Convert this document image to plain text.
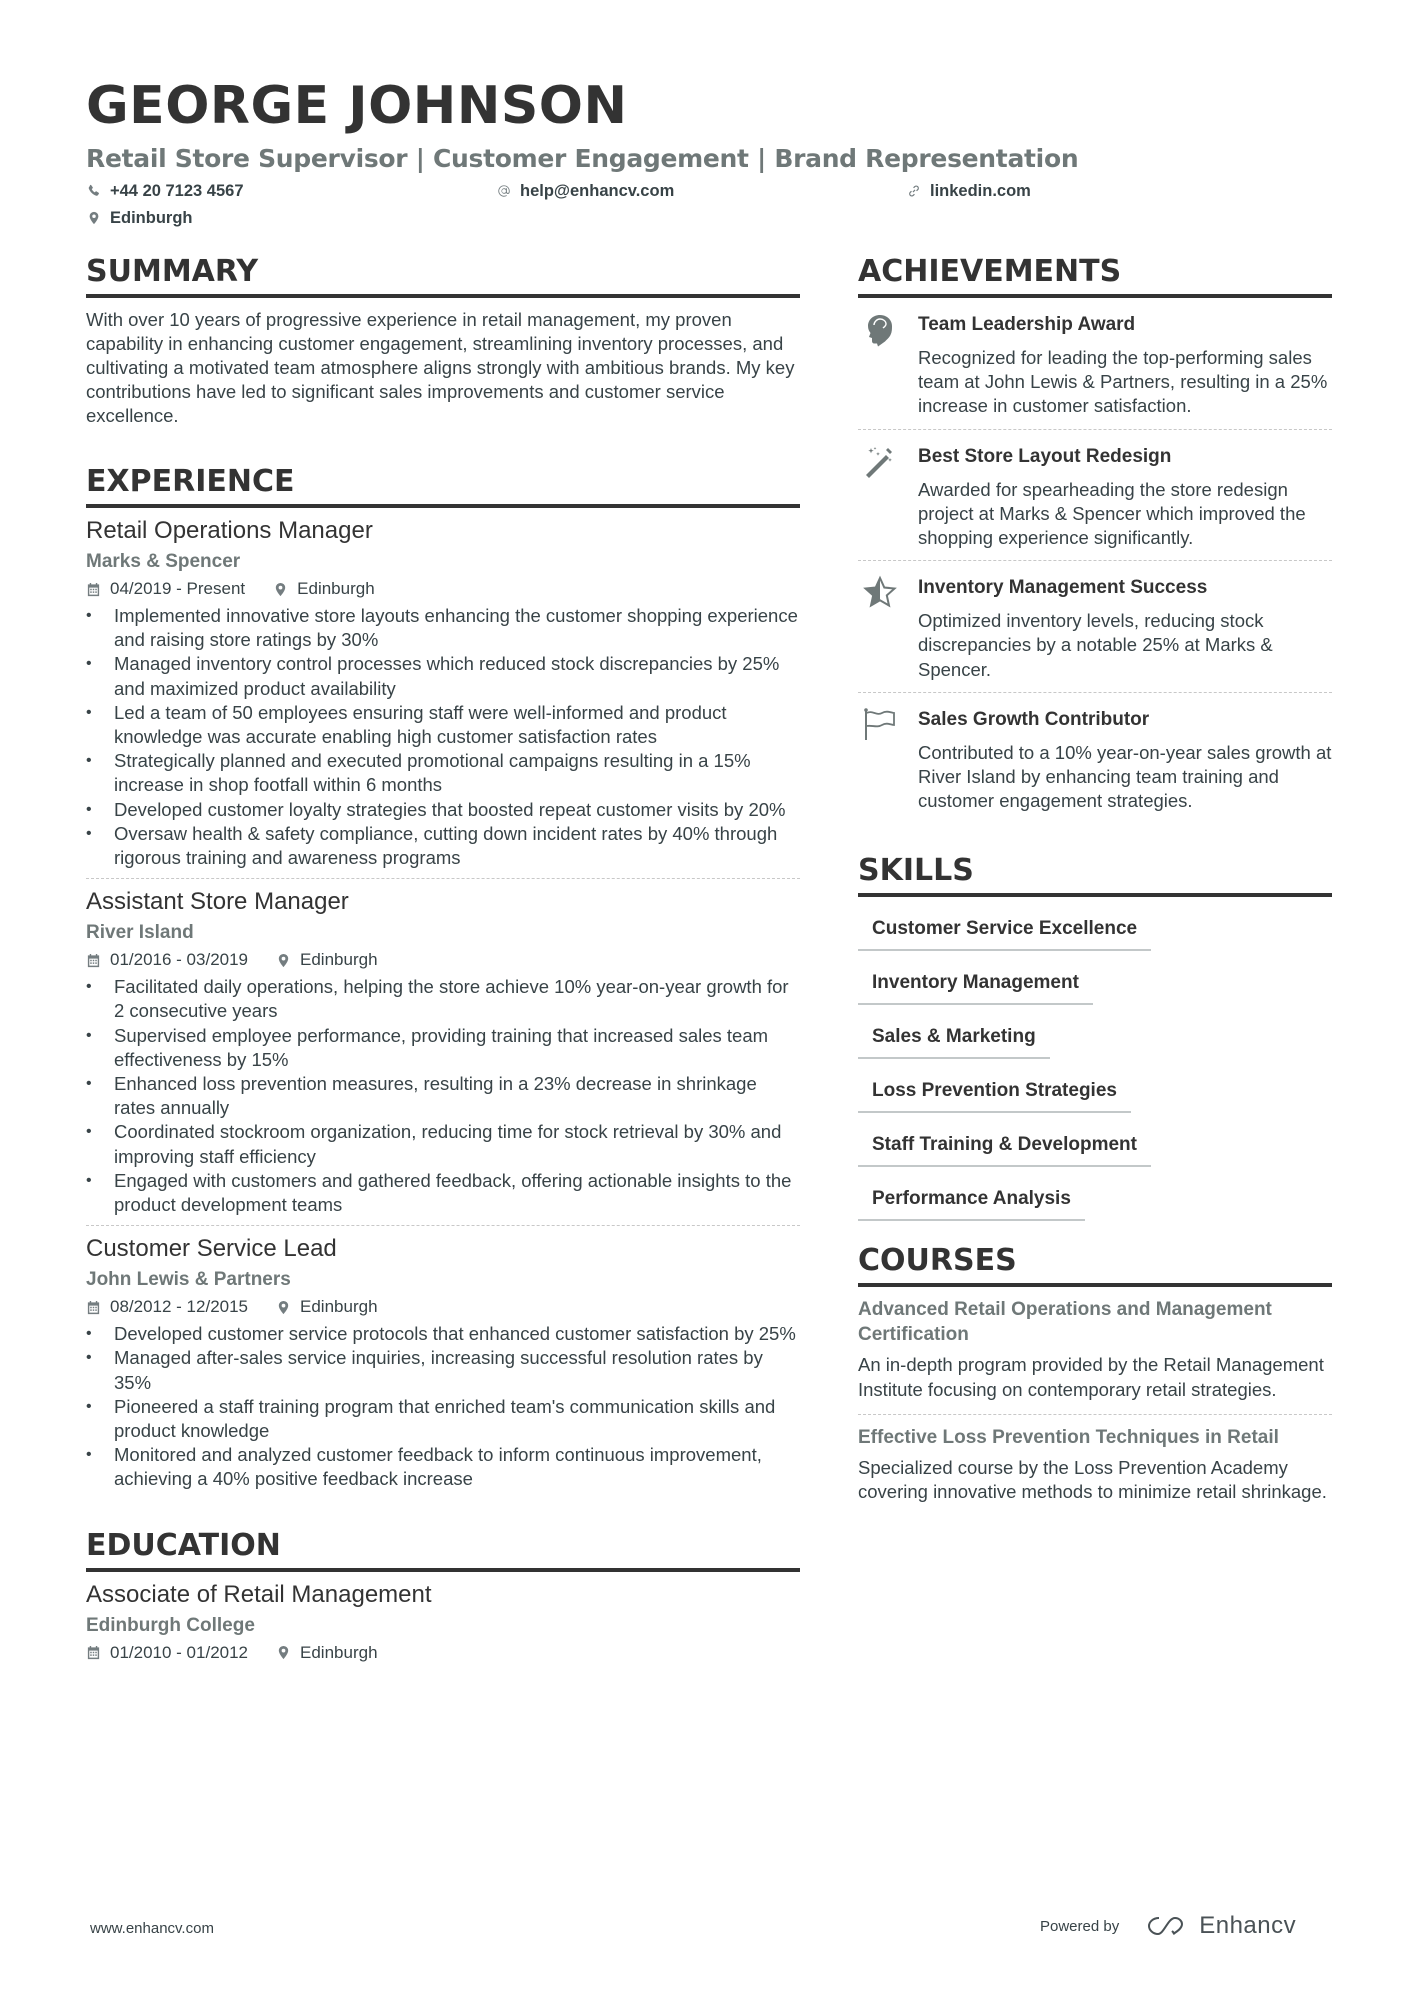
GEORGE JOHNSON
Retail Store Supervisor | Customer Engagement | Brand Representation
+44 20 7123 4567	help@enhancv.com	linkedin.com
Edinburgh
SUMMARY

With over 10 years of progressive experience in retail management, my proven capability in enhancing customer engagement, streamlining inventory processes, and cultivating a motivated team atmosphere aligns strongly with ambitious brands. My key contributions have led to significant sales improvements and customer service excellence.

EXPERIENCE
Retail Operations Manager
Marks & Spencer
04/2019 - Present	Edinburgh
• Implemented innovative store layouts enhancing the customer shopping experience and raising store ratings by 30%
• Managed inventory control processes which reduced stock discrepancies by 25% and maximized product availability
• Led a team of 50 employees ensuring staff were well-informed and product knowledge was accurate enabling high customer satisfaction rates
• Strategically planned and executed promotional campaigns resulting in a 15% increase in shop footfall within 6 months
• Developed customer loyalty strategies that boosted repeat customer visits by 20%
• Oversaw health & safety compliance, cutting down incident rates by 40% through rigorous training and awareness programs
Assistant Store Manager
River Island
01/2016 - 03/2019	Edinburgh
• Facilitated daily operations, helping the store achieve 10% year-on-year growth for 2 consecutive years
• Supervised employee performance, providing training that increased sales team effectiveness by 15%
• Enhanced loss prevention measures, resulting in a 23% decrease in shrinkage rates annually
• Coordinated stockroom organization, reducing time for stock retrieval by 30% and improving staff efficiency
• Engaged with customers and gathered feedback, offering actionable insights to the product development teams
Customer Service Lead
John Lewis & Partners
08/2012 - 12/2015	Edinburgh
• Developed customer service protocols that enhanced customer satisfaction by 25%
• Managed after-sales service inquiries, increasing successful resolution rates by 35%
• Pioneered a staff training program that enriched team's communication skills and product knowledge
• Monitored and analyzed customer feedback to inform continuous improvement, achieving a 40% positive feedback increase
EDUCATION
Associate of Retail Management
Edinburgh College
01/2010 - 01/2012	Edinburgh
ACHIEVEMENTS
Team Leadership Award
Recognized for leading the top-performing sales team at John Lewis & Partners, resulting in a 25% increase in customer satisfaction.
Best Store Layout Redesign
Awarded for spearheading the store redesign project at Marks & Spencer which improved the shopping experience significantly.
Inventory Management Success
Optimized inventory levels, reducing stock discrepancies by a notable 25% at Marks & Spencer.
Sales Growth Contributor
Contributed to a 10% year-on-year sales growth at River Island by enhancing team training and customer engagement strategies.
SKILLS
Customer Service Excellence
Inventory Management
Sales & Marketing
Loss Prevention Strategies
Staff Training & Development
Performance Analysis
COURSES
Advanced Retail Operations and Management Certification
An in-depth program provided by the Retail Management Institute focusing on contemporary retail strategies.
Effective Loss Prevention Techniques in Retail
Specialized course by the Loss Prevention Academy covering innovative methods to minimize retail shrinkage.
www.enhancv.com	Powered by	Enhancv
